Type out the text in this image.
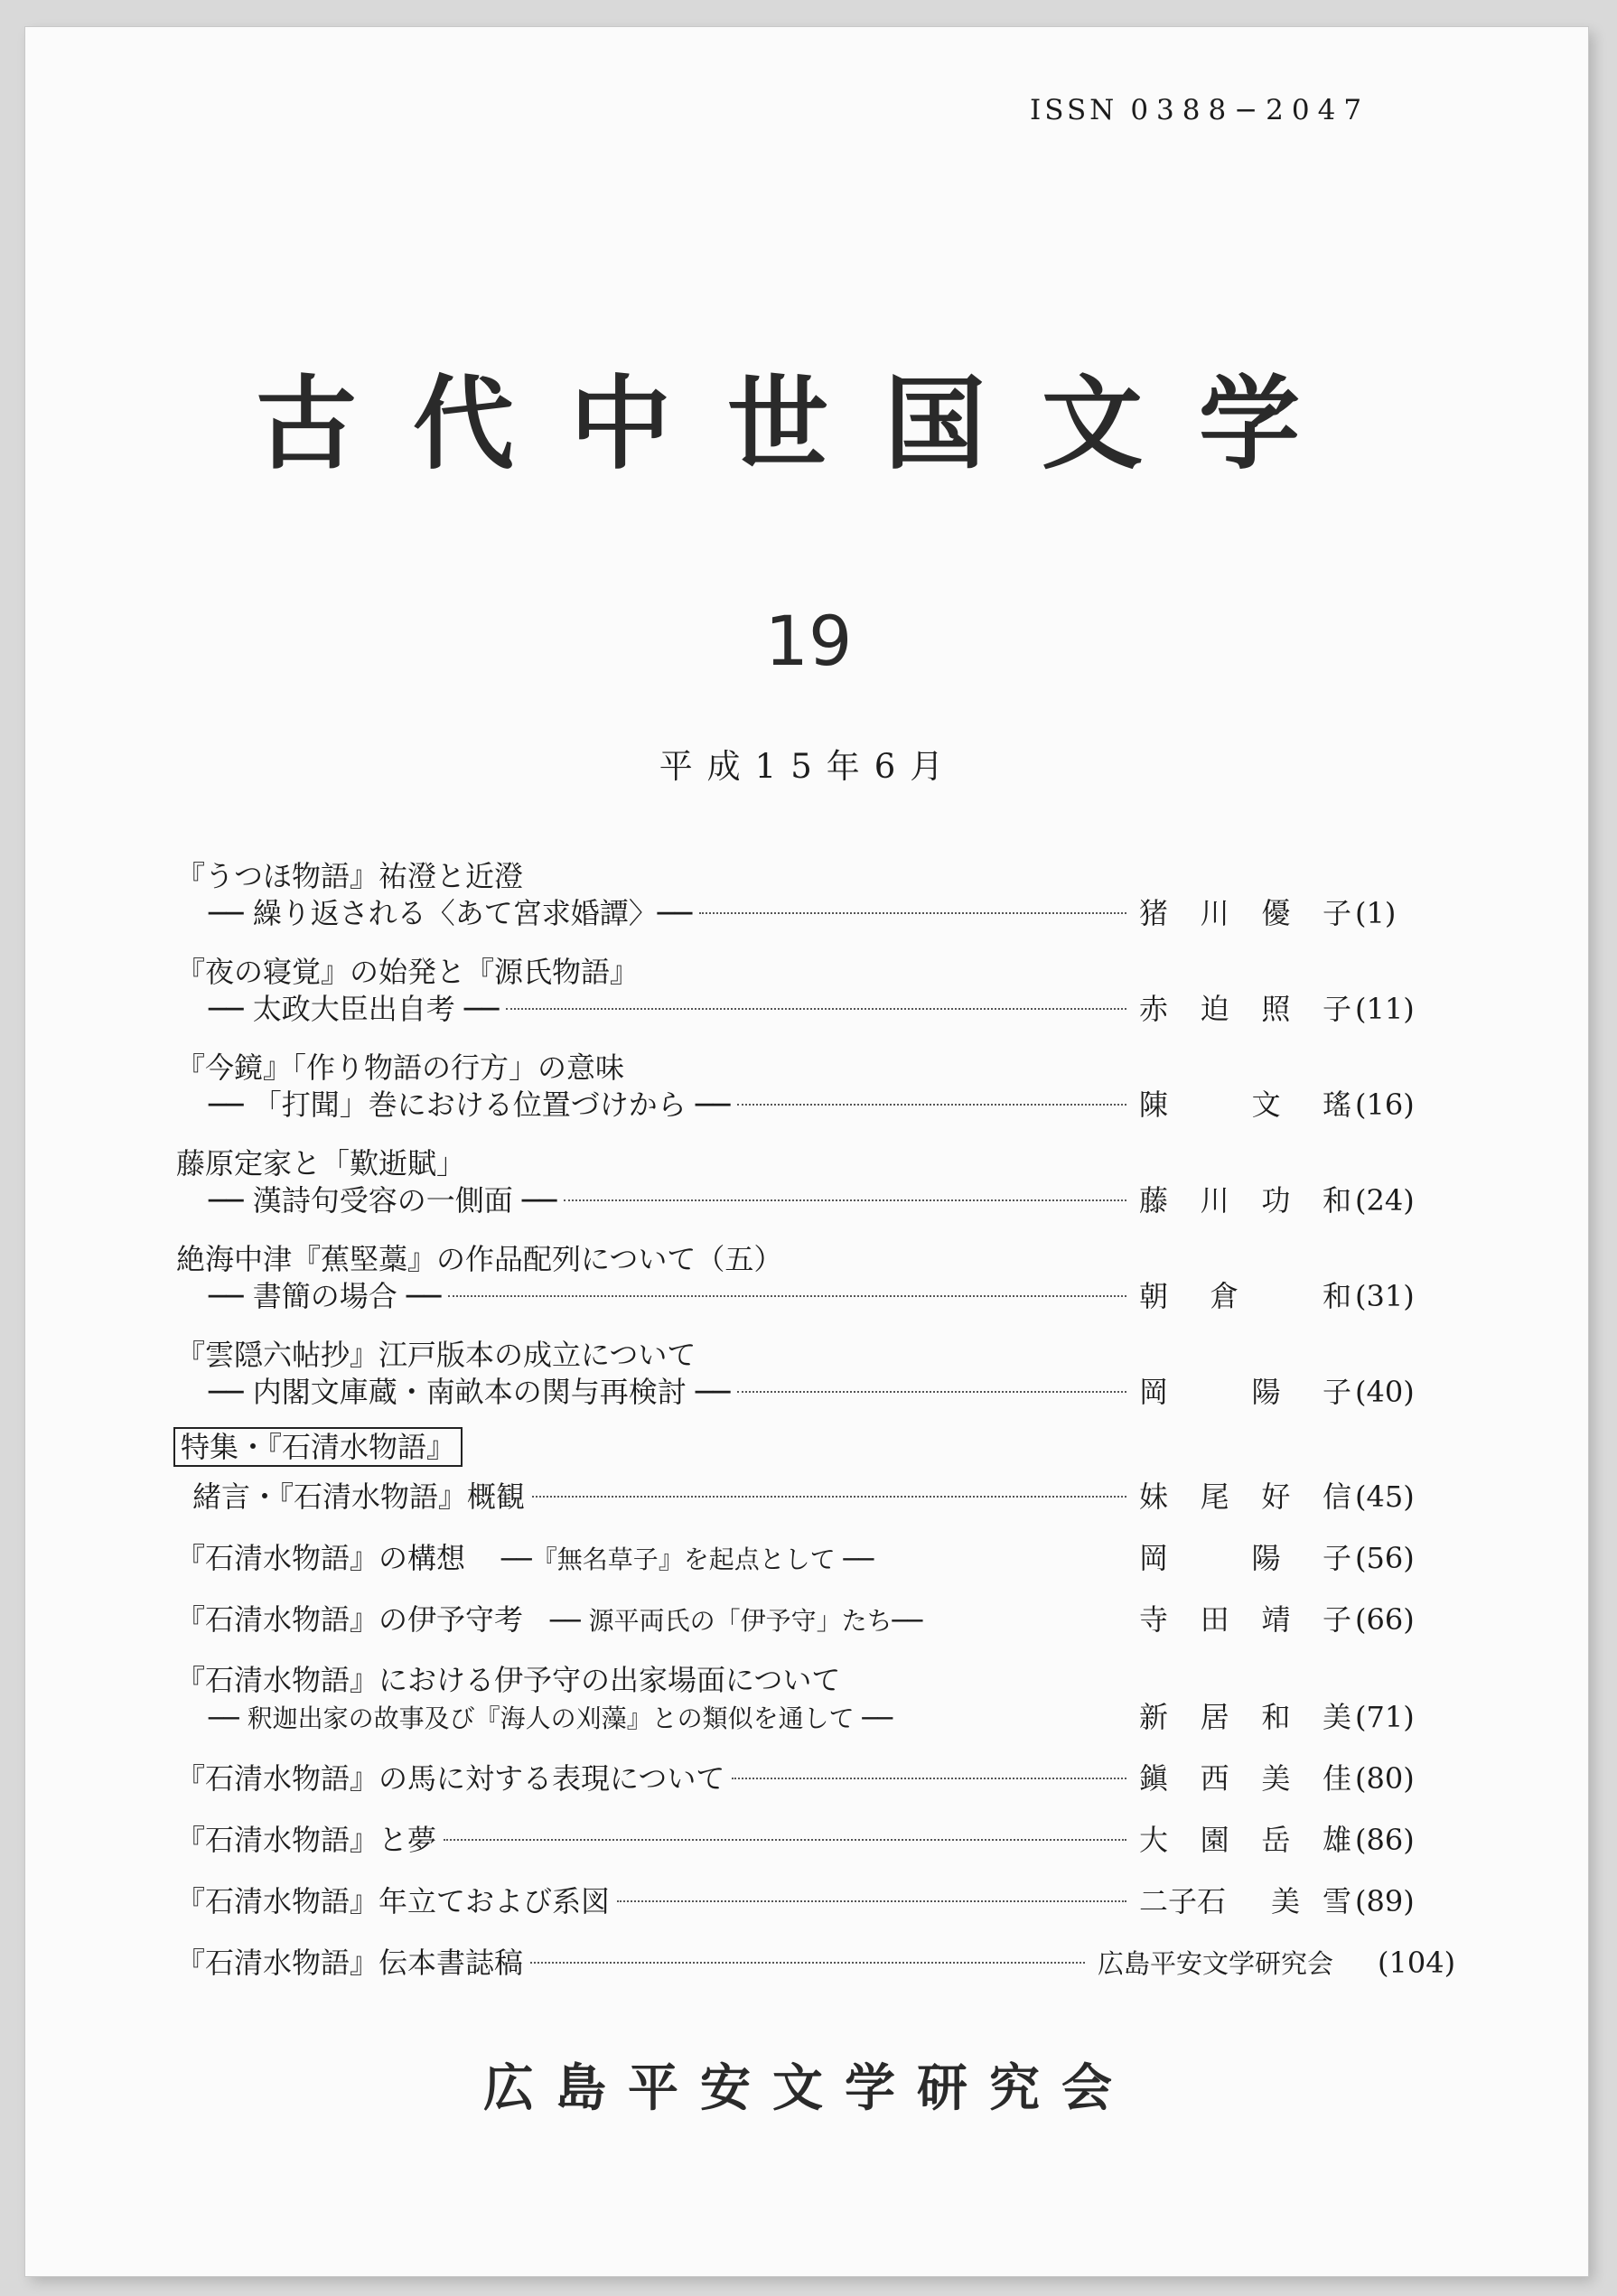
ISSN 0388−2047
古代中世国文学
19
平成15年6月
『うつほ物語』祐澄と近澄
── 繰り返される〈あて宮求婚譚〉──	猪 川 優 子 (1)
『夜の寝覚』の始発と『源氏物語』
── 太政大臣出自考 ──	赤 迫 照 子 (11)
『今鏡』「作り物語の行方」の意味
── 「打聞」巻における位置づけから ──	陳	文 瑤 (16)
藤原定家と「歎逝賦」
── 漢詩句受容の一側面 ──	藤 川 功 和 (24)
絶海中津『蕉堅藁』の作品配列について（五）
── 書簡の場合 ──	朝 倉	和 (31)
『雲隠六帖抄』江戸版本の成立について
── 内閣文庫蔵・南畝本の関与再検討 ──	岡	陽 子 (40)
特集・『石清水物語』
緒言・『石清水物語』概観	妹 尾 好 信 (45)
『石清水物語』の構想 ──『無名草子』を起点として ──	岡	陽 子 (56)
『石清水物語』の伊予守考 ── 源平両氏の「伊予守」たち──	寺 田 靖 子 (66)
『石清水物語』における伊予守の出家場面について
── 釈迦出家の故事及び『海人の刈藻』との類似を通して ──	新 居 和 美 (71)
『石清水物語』の馬に対する表現について	鎭 西 美 佳 (80)
『石清水物語』と夢	大 園 岳 雄 (86)
『石清水物語』年立ておよび系図	二子石 美 雪 (89)
『石清水物語』伝本書誌稿	広島平安文学研究会	(104)
広島平安文学研究会
